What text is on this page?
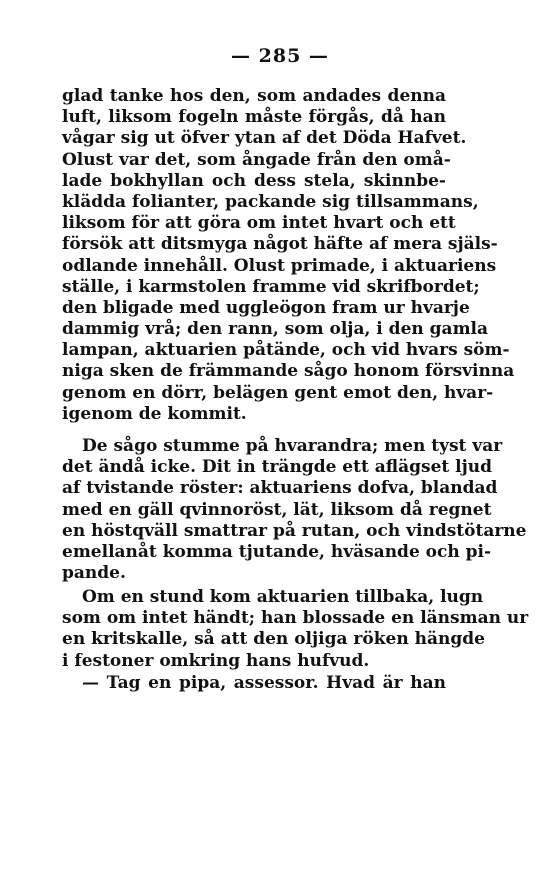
— 285 —
glad tanke hos den, som andades denna
luft, liksom fogeln måste förgås, då han
vågar sig ut öfver ytan af det Döda Hafvet.
Olust var det, som ångade från den omå-
lade bokhyllan och dess stela, skinnbe-
klädda folianter, packande sig tillsammans,
liksom för att göra om intet hvart och ett
försök att ditsmyga något häfte af mera själs-
odlande innehåll. Olust primade, i aktuariens
ställe, i karmstolen framme vid skrifbordet;
den bligade med uggleögon fram ur hvarje
dammig vrå; den rann, som olja, i den gamla
lampan, aktuarien påtände, och vid hvars söm-
niga sken de främmande sågo honom försvinna
genom en dörr, belägen gent emot den, hvar-
igenom de kommit.
De sågo stumme på hvarandra; men tyst var
det ändå icke. Dit in trängde ett aflägset ljud
af tvistande röster: aktuariens dofva, blandad
med en gäll qvinnoröst, lät, liksom då regnet
en höstqväll smattrar på rutan, och vindstötarne
emellanåt komma tjutande, hväsande och pi-
pande.
Om en stund kom aktuarien tillbaka, lugn
som om intet händt; han blossade en länsman ur
en kritskalle, så att den oljiga röken hängde
i festoner omkring hans hufvud.
— Tag en pipa, assessor. Hvad är han
